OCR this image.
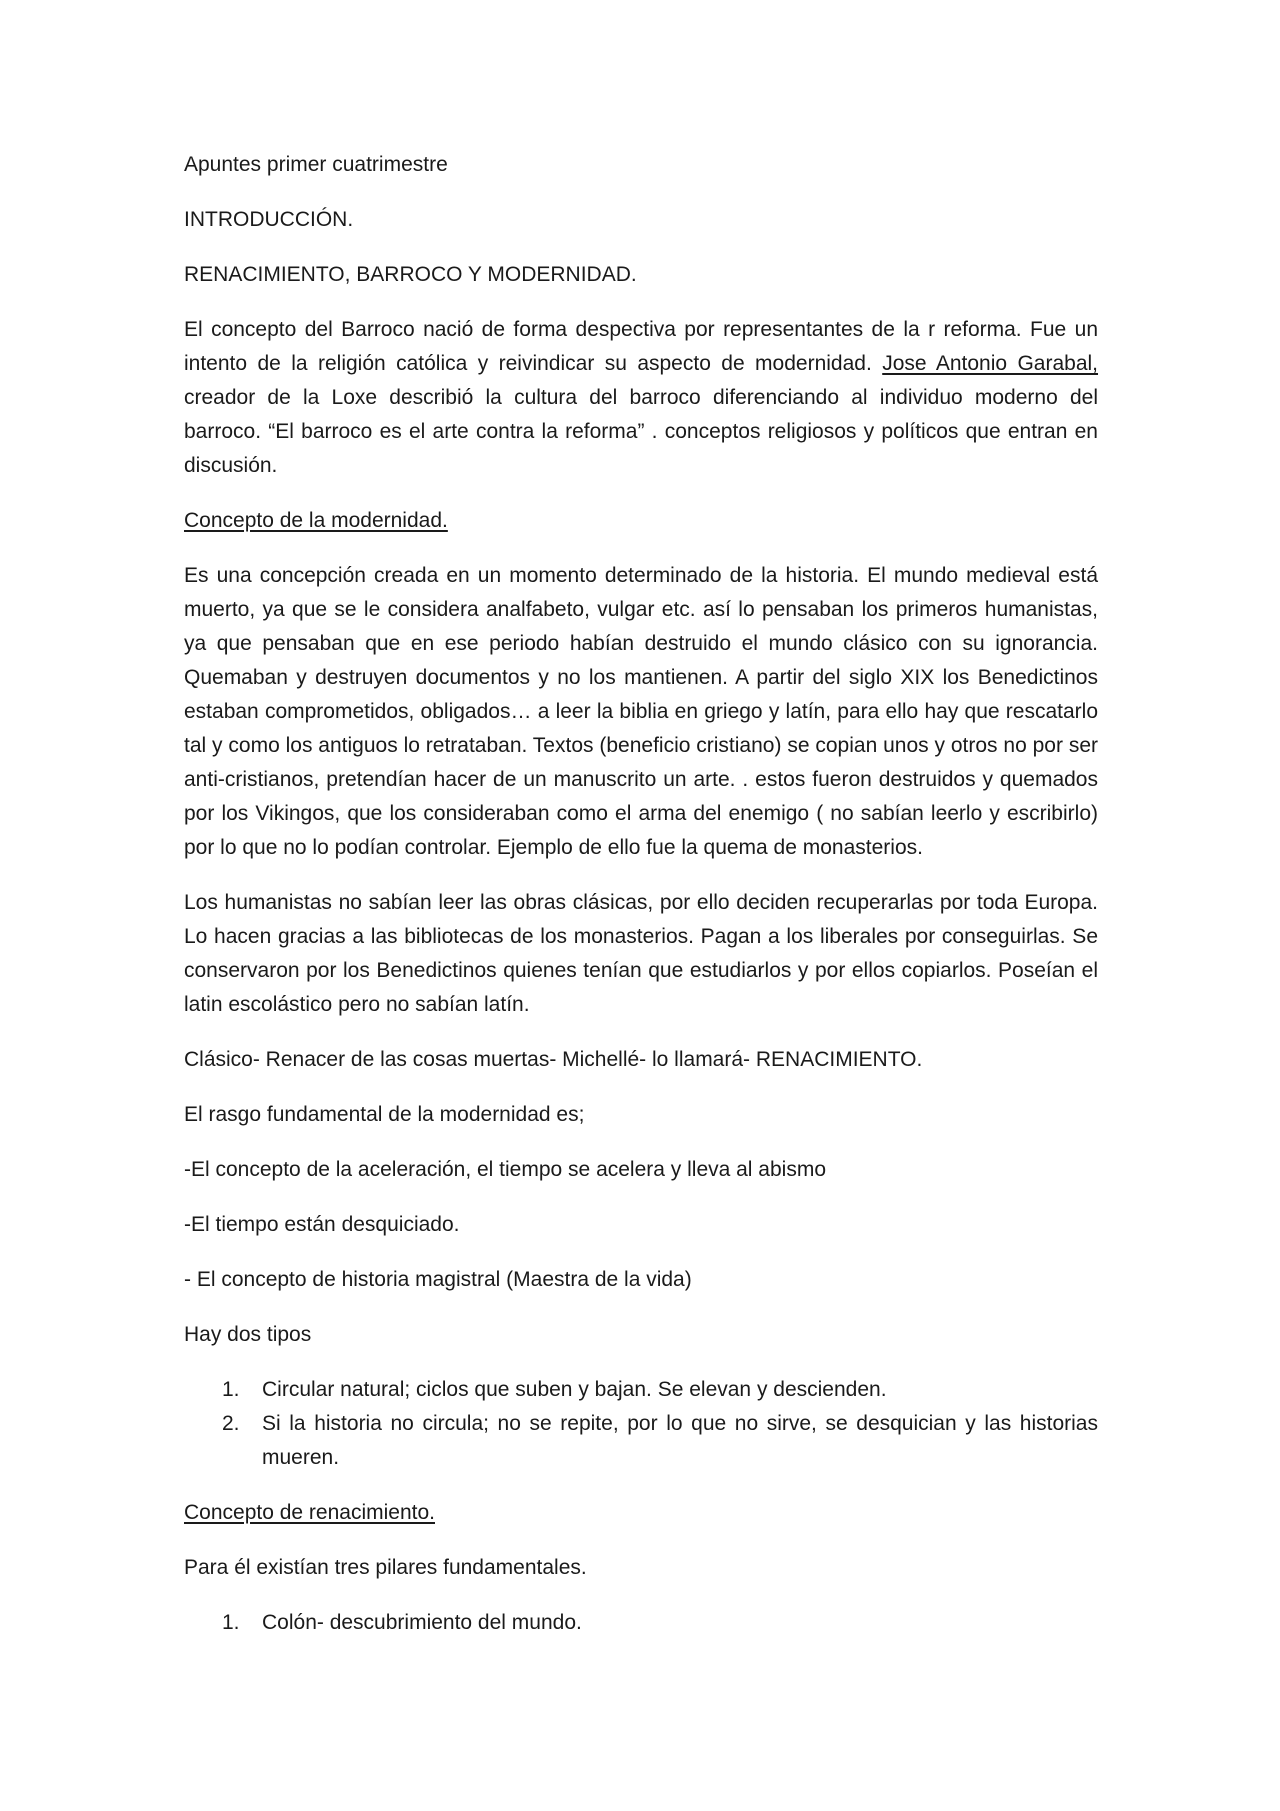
Apuntes primer cuatrimestre

INTRODUCCIÓN.

RENACIMIENTO, BARROCO Y MODERNIDAD.

El concepto del Barroco nació de forma despectiva por representantes de la r reforma. Fue un intento de la religión católica y reivindicar su aspecto de modernidad. Jose Antonio Garabal, creador de la Loxe describió la cultura del barroco diferenciando al individuo moderno del barroco. “El barroco es el arte contra la reforma” . conceptos religiosos y políticos que entran en discusión.

Concepto de la modernidad.

Es una concepción creada en un momento determinado de la historia. El mundo medieval está muerto, ya que se le considera analfabeto, vulgar etc. así lo pensaban los primeros humanistas, ya que pensaban que en ese periodo habían destruido el mundo clásico con su ignorancia. Quemaban y destruyen documentos y no los mantienen. A partir del siglo XIX los Benedictinos estaban comprometidos, obligados… a leer la biblia en griego y latín, para ello hay que rescatarlo tal y como los antiguos lo retrataban. Textos (beneficio cristiano) se copian unos y otros no por ser anti-cristianos, pretendían hacer de un manuscrito un arte. . estos fueron destruidos y quemados por los Vikingos, que los consideraban como el arma del enemigo ( no sabían leerlo y escribirlo) por lo que no lo podían controlar. Ejemplo de ello fue la quema de monasterios.

Los humanistas no sabían leer las obras clásicas, por ello deciden recuperarlas por toda Europa. Lo hacen gracias a las bibliotecas de los monasterios. Pagan a los liberales por conseguirlas. Se conservaron por los Benedictinos quienes tenían que estudiarlos y por ellos copiarlos. Poseían el latin escolástico pero no sabían latín.

Clásico- Renacer de las cosas muertas- Michellé- lo llamará- RENACIMIENTO.

El rasgo fundamental de la modernidad es;

-El concepto de la aceleración, el tiempo se acelera y lleva al abismo

-El tiempo están desquiciado.

- El concepto de historia magistral (Maestra de la vida)

Hay dos tipos

1. Circular natural; ciclos que suben y bajan. Se elevan y descienden.
2. Si la historia no circula; no se repite, por lo que no sirve, se desquician y las historias mueren.

Concepto de renacimiento.

Para él existían tres pilares fundamentales.

1. Colón- descubrimiento del mundo.
